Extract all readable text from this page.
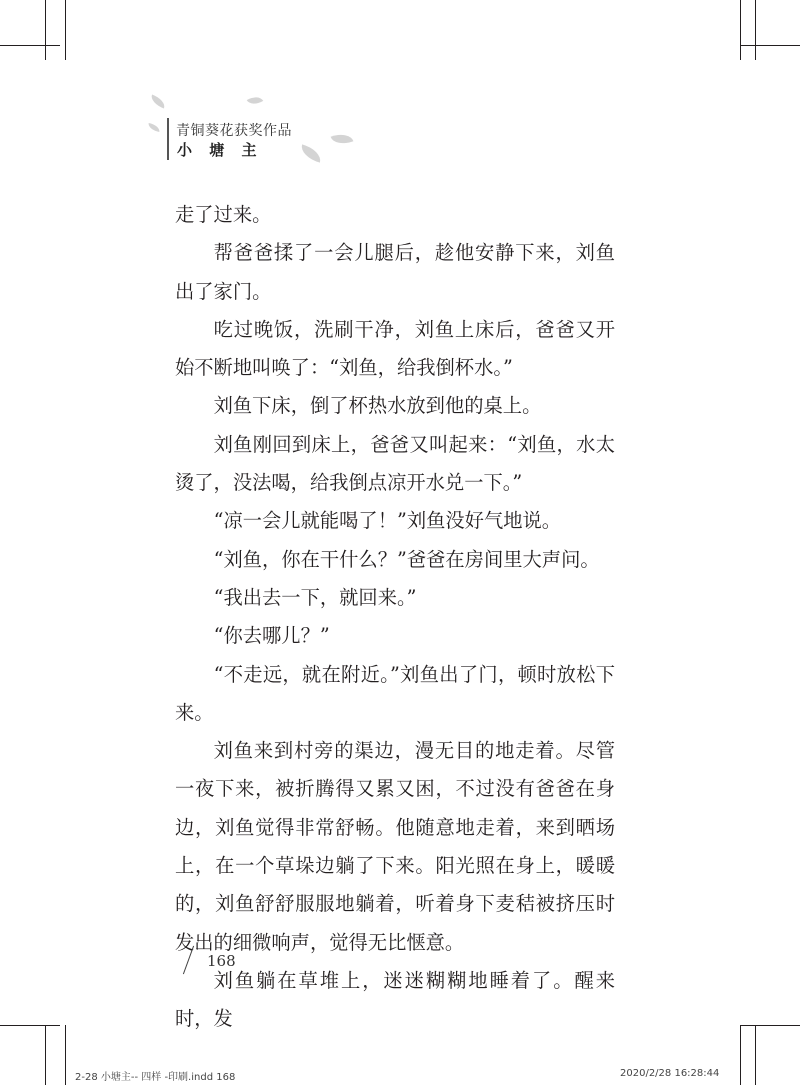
青铜葵花获奖作品
小 塘 主

走了过来。

帮爸爸揉了一会儿腿后，趁他安静下来，刘鱼出了家门。

吃过晚饭，洗刷干净，刘鱼上床后，爸爸又开始不断地叫唤了：“刘鱼，给我倒杯水。”

刘鱼下床，倒了杯热水放到他的桌上。

刘鱼刚回到床上，爸爸又叫起来：“刘鱼，水太烫了，没法喝，给我倒点凉开水兑一下。”

“凉一会儿就能喝了！”刘鱼没好气地说。

“刘鱼，你在干什么？”爸爸在房间里大声问。

“我出去一下，就回来。”

“你去哪儿？”

“不走远，就在附近。”刘鱼出了门，顿时放松下来。

刘鱼来到村旁的渠边，漫无目的地走着。尽管一夜下来，被折腾得又累又困，不过没有爸爸在身边，刘鱼觉得非常舒畅。他随意地走着，来到晒场上，在一个草垛边躺了下来。阳光照在身上，暖暖的，刘鱼舒舒服服地躺着，听着身下麦秸被挤压时发出的细微响声，觉得无比惬意。

刘鱼躺在草堆上，迷迷糊糊地睡着了。醒来时，发

168
2-28 小塘主-- 四样 -印刷.indd 168	2020/2/28 16:28:44
